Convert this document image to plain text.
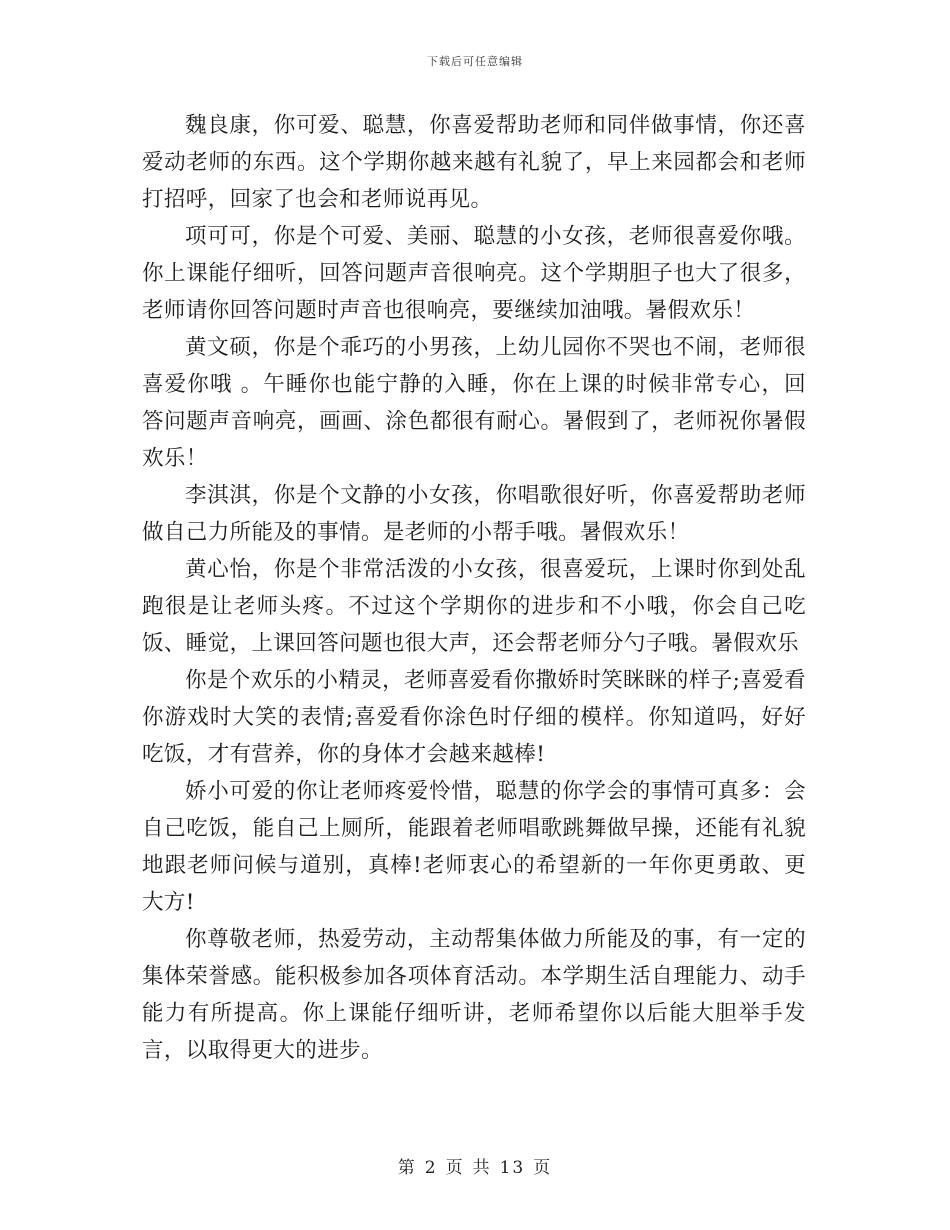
下载后可任意编辑

魏良康，你可爱、聪慧，你喜爱帮助老师和同伴做事情，你还喜爱动老师的东西。这个学期你越来越有礼貌了，早上来园都会和老师打招呼，回家了也会和老师说再见。

项可可，你是个可爱、美丽、聪慧的小女孩，老师很喜爱你哦。你上课能仔细听，回答问题声音很响亮。这个学期胆子也大了很多，老师请你回答问题时声音也很响亮，要继续加油哦。暑假欢乐！

黄文硕，你是个乖巧的小男孩，上幼儿园你不哭也不闹，老师很喜爱你哦 。午睡你也能宁静的入睡，你在上课的时候非常专心，回答问题声音响亮，画画、涂色都很有耐心。暑假到了，老师祝你暑假欢乐！

李淇淇，你是个文静的小女孩，你唱歌很好听，你喜爱帮助老师做自己力所能及的事情。是老师的小帮手哦。暑假欢乐！

黄心怡，你是个非常活泼的小女孩，很喜爱玩，上课时你到处乱跑很是让老师头疼。不过这个学期你的进步和不小哦，你会自己吃饭、睡觉，上课回答问题也很大声，还会帮老师分勺子哦。暑假欢乐

你是个欢乐的小精灵，老师喜爱看你撒娇时笑眯眯的样子;喜爱看你游戏时大笑的表情;喜爱看你涂色时仔细的模样。你知道吗，好好吃饭，才有营养，你的身体才会越来越棒!

娇小可爱的你让老师疼爱怜惜，聪慧的你学会的事情可真多：会自己吃饭，能自己上厕所，能跟着老师唱歌跳舞做早操，还能有礼貌地跟老师问候与道别，真棒!老师衷心的希望新的一年你更勇敢、更大方!

你尊敬老师，热爱劳动，主动帮集体做力所能及的事，有一定的集体荣誉感。能积极参加各项体育活动。本学期生活自理能力、动手能力有所提高。你上课能仔细听讲，老师希望你以后能大胆举手发言，以取得更大的进步。

第 2 页 共 13 页
